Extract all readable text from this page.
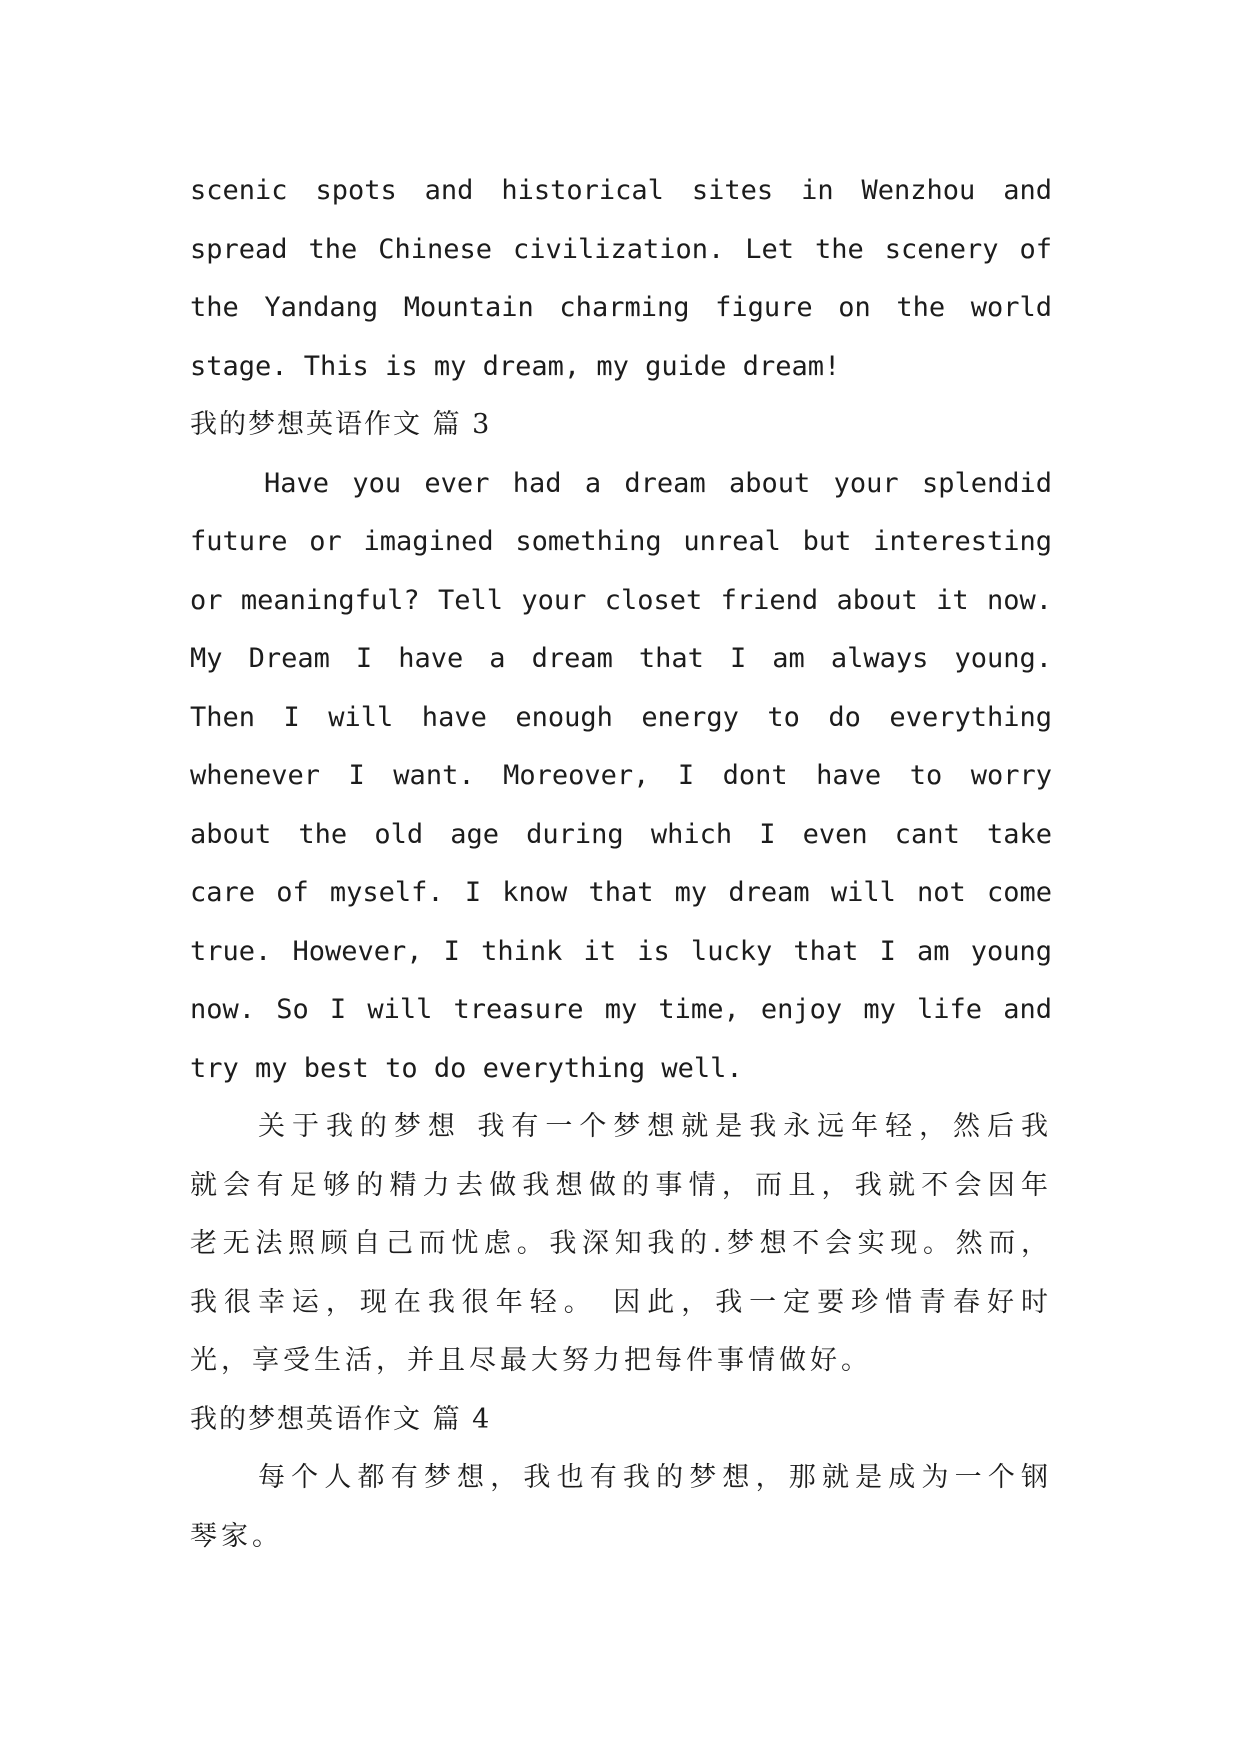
scenic spots and historical sites in Wenzhou and
spread the Chinese civilization. Let the scenery of
the Yandang Mountain charming figure on the world
stage. This is my dream, my guide dream!
我的梦想英语作文 篇 3
Have you ever had a dream about your splendid
future or imagined something unreal but interesting
or meaningful? Tell your closet friend about it now.
My Dream I have a dream that I am always young.
Then I will have enough energy to do everything
whenever I want. Moreover, I dont have to worry
about the old age during which I even cant take
care of myself. I know that my dream will not come
true. However, I think it is lucky that I am young
now. So I will treasure my time, enjoy my life and
try my best to do everything well.
关于我的梦想 我有一个梦想就是我永远年轻，然后我
就会有足够的精力去做我想做的事情，而且，我就不会因年
老无法照顾自己而忧虑。我深知我的.梦想不会实现。然而，
我很幸运，现在我很年轻。 因此，我一定要珍惜青春好时
光，享受生活，并且尽最大努力把每件事情做好。
我的梦想英语作文 篇 4
每个人都有梦想，我也有我的梦想，那就是成为一个钢
琴家。
